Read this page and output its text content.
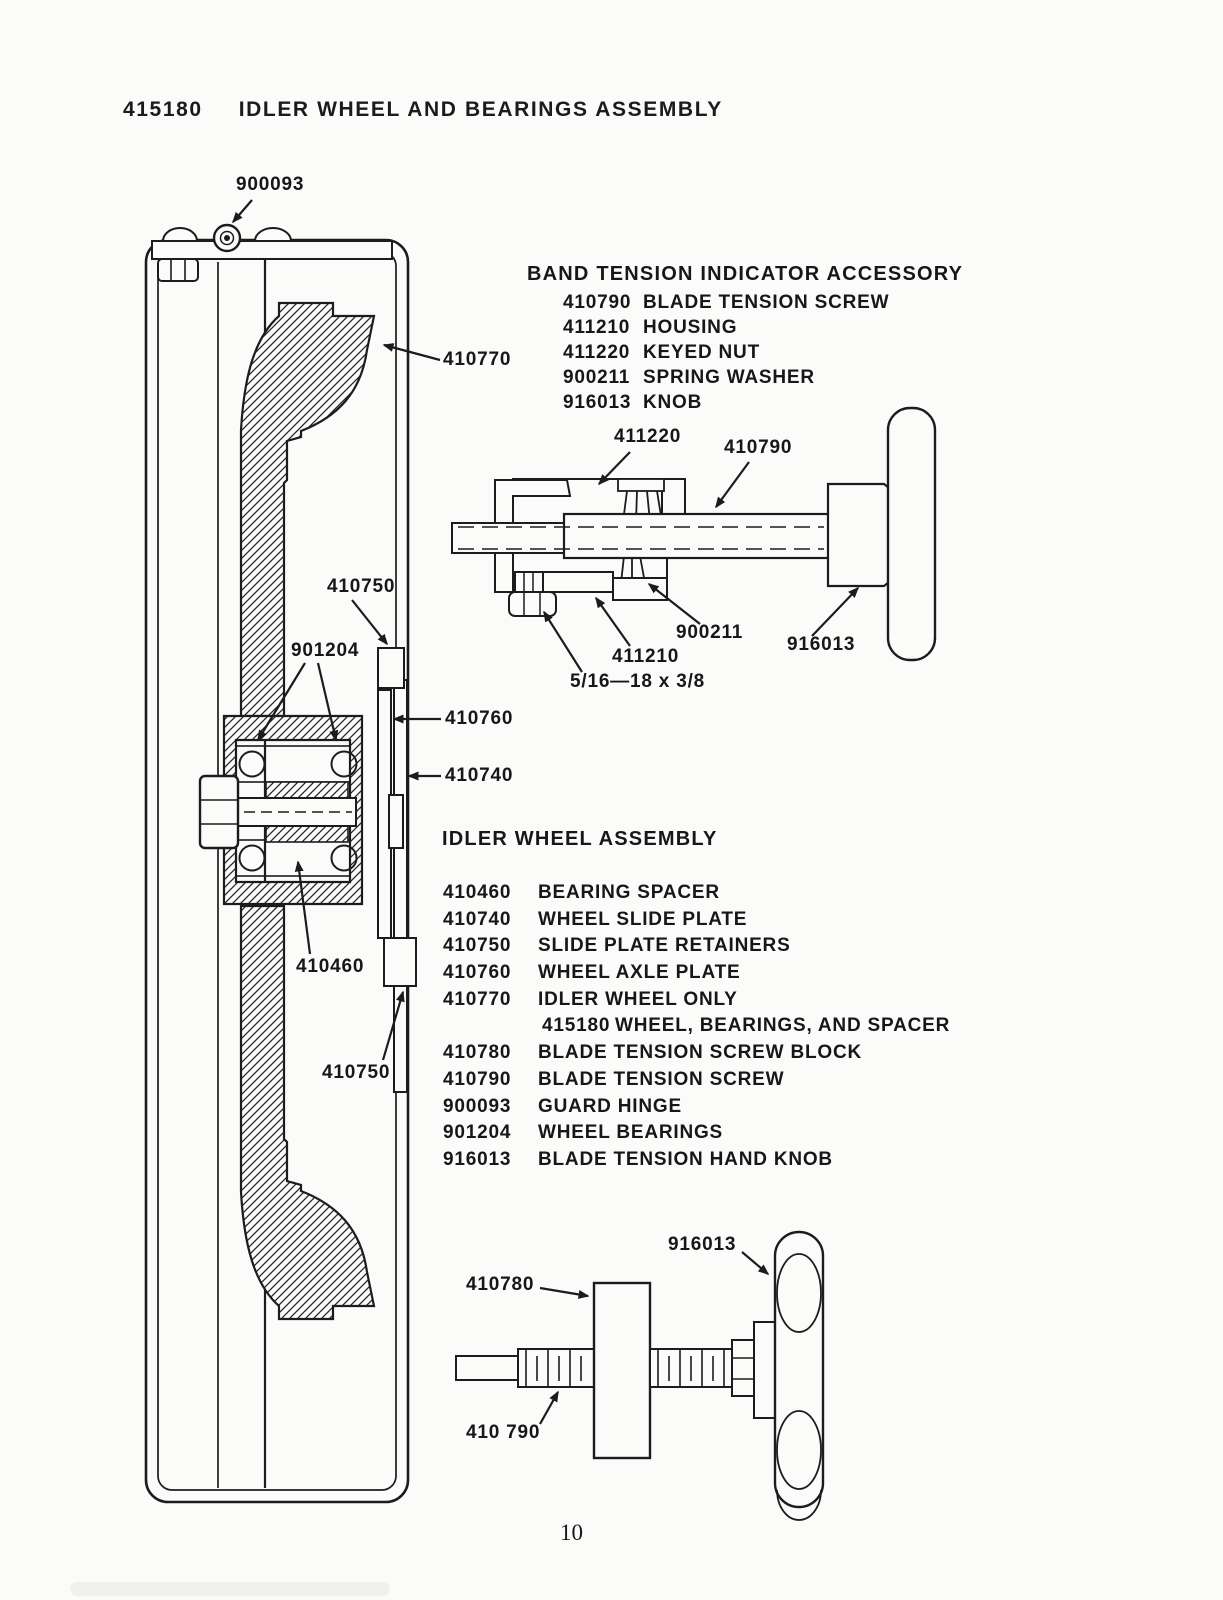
415180 IDLER WHEEL AND BEARINGS ASSEMBLY
BAND TENSION INDICATOR ACCESSORY
410790 BLADE TENSION SCREW
411210 HOUSING
411220 KEYED NUT
900211 SPRING WASHER
916013 KNOB
IDLER WHEEL ASSEMBLY
410460 BEARING SPACER
410740 WHEEL SLIDE PLATE
410750 SLIDE PLATE RETAINERS
410760 WHEEL AXLE PLATE
410770 IDLER WHEEL ONLY
415180 WHEEL, BEARINGS, AND SPACER
410780 BLADE TENSION SCREW BLOCK
410790 BLADE TENSION SCREW
900093 GUARD HINGE
901204 WHEEL BEARINGS
916013 BLADE TENSION HAND KNOB
900093
410770
410750
901204
410760
410740
410460
410750
411220
410790
900211
411210
916013
5/16—18 x 3/8
916013
410780
410 790
10
